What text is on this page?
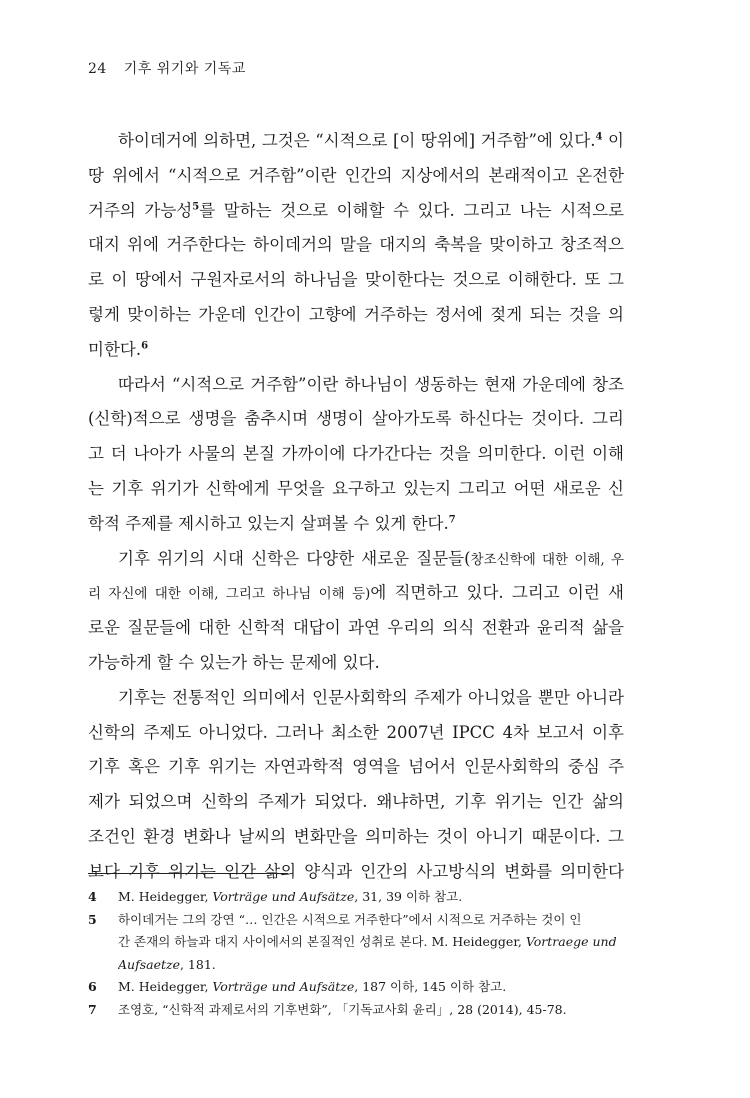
24 기후 위기와 기독교
하이데거에 의하면, 그것은 “시적으로 [이 땅위에] 거주함”에 있다.$^4$ 이
땅 위에서 “시적으로 거주함”이란 인간의 지상에서의 본래적이고 온전한
거주의 가능성$^5$를 말하는 것으로 이해할 수 있다. 그리고 나는 시적으로
대지 위에 거주한다는 하이데거의 말을 대지의 축복을 맞이하고 창조적으
로 이 땅에서 구원자로서의 하나님을 맞이한다는 것으로 이해한다. 또 그
렇게 맞이하는 가운데 인간이 고향에 거주하는 정서에 젖게 되는 것을 의
미한다.$^6$
따라서 “시적으로 거주함”이란 하나님이 생동하는 현재 가운데에 창조
(신학)적으로 생명을 춤추시며 생명이 살아가도록 하신다는 것이다. 그리
고 더 나아가 사물의 본질 가까이에 다가간다는 것을 의미한다. 이런 이해
는 기후 위기가 신학에게 무엇을 요구하고 있는지 그리고 어떤 새로운 신
학적 주제를 제시하고 있는지 살펴볼 수 있게 한다.$^7$
기후 위기의 시대 신학은 다양한 새로운 질문들(창조신학에 대한 이해, 우
리 자신에 대한 이해, 그리고 하나님 이해 등)에 직면하고 있다. 그리고 이런 새
로운 질문들에 대한 신학적 대답이 과연 우리의 의식 전환과 윤리적 삶을
가능하게 할 수 있는가 하는 문제에 있다.
기후는 전통적인 의미에서 인문사회학의 주제가 아니었을 뿐만 아니라
신학의 주제도 아니었다. 그러나 최소한 2007년 IPCC 4차 보고서 이후
기후 혹은 기후 위기는 자연과학적 영역을 넘어서 인문사회학의 중심 주
제가 되었으며 신학의 주제가 되었다. 왜냐하면, 기후 위기는 인간 삶의
조건인 환경 변화나 날씨의 변화만을 의미하는 것이 아니기 때문이다. 그
보다 기후 위기는 인간 삶의 양식과 인간의 사고방식의 변화를 의미한다
4	M. Heidegger, Vorträge und Aufsätze, 31, 39 이하 참고.
5	하이데거는 그의 강연 “… 인간은 시적으로 거주한다”에서 시적으로 거주하는 것이 인
간 존재의 하늘과 대지 사이에서의 본질적인 성취로 본다. M. Heidegger, Vortraege und
Aufsaetze, 181.
6	M. Heidegger, Vorträge und Aufsätze, 187 이하, 145 이하 참고.
7	조영호, “신학적 과제로서의 기후변화”, 「기독교사회 윤리」, 28 (2014), 45-78.
